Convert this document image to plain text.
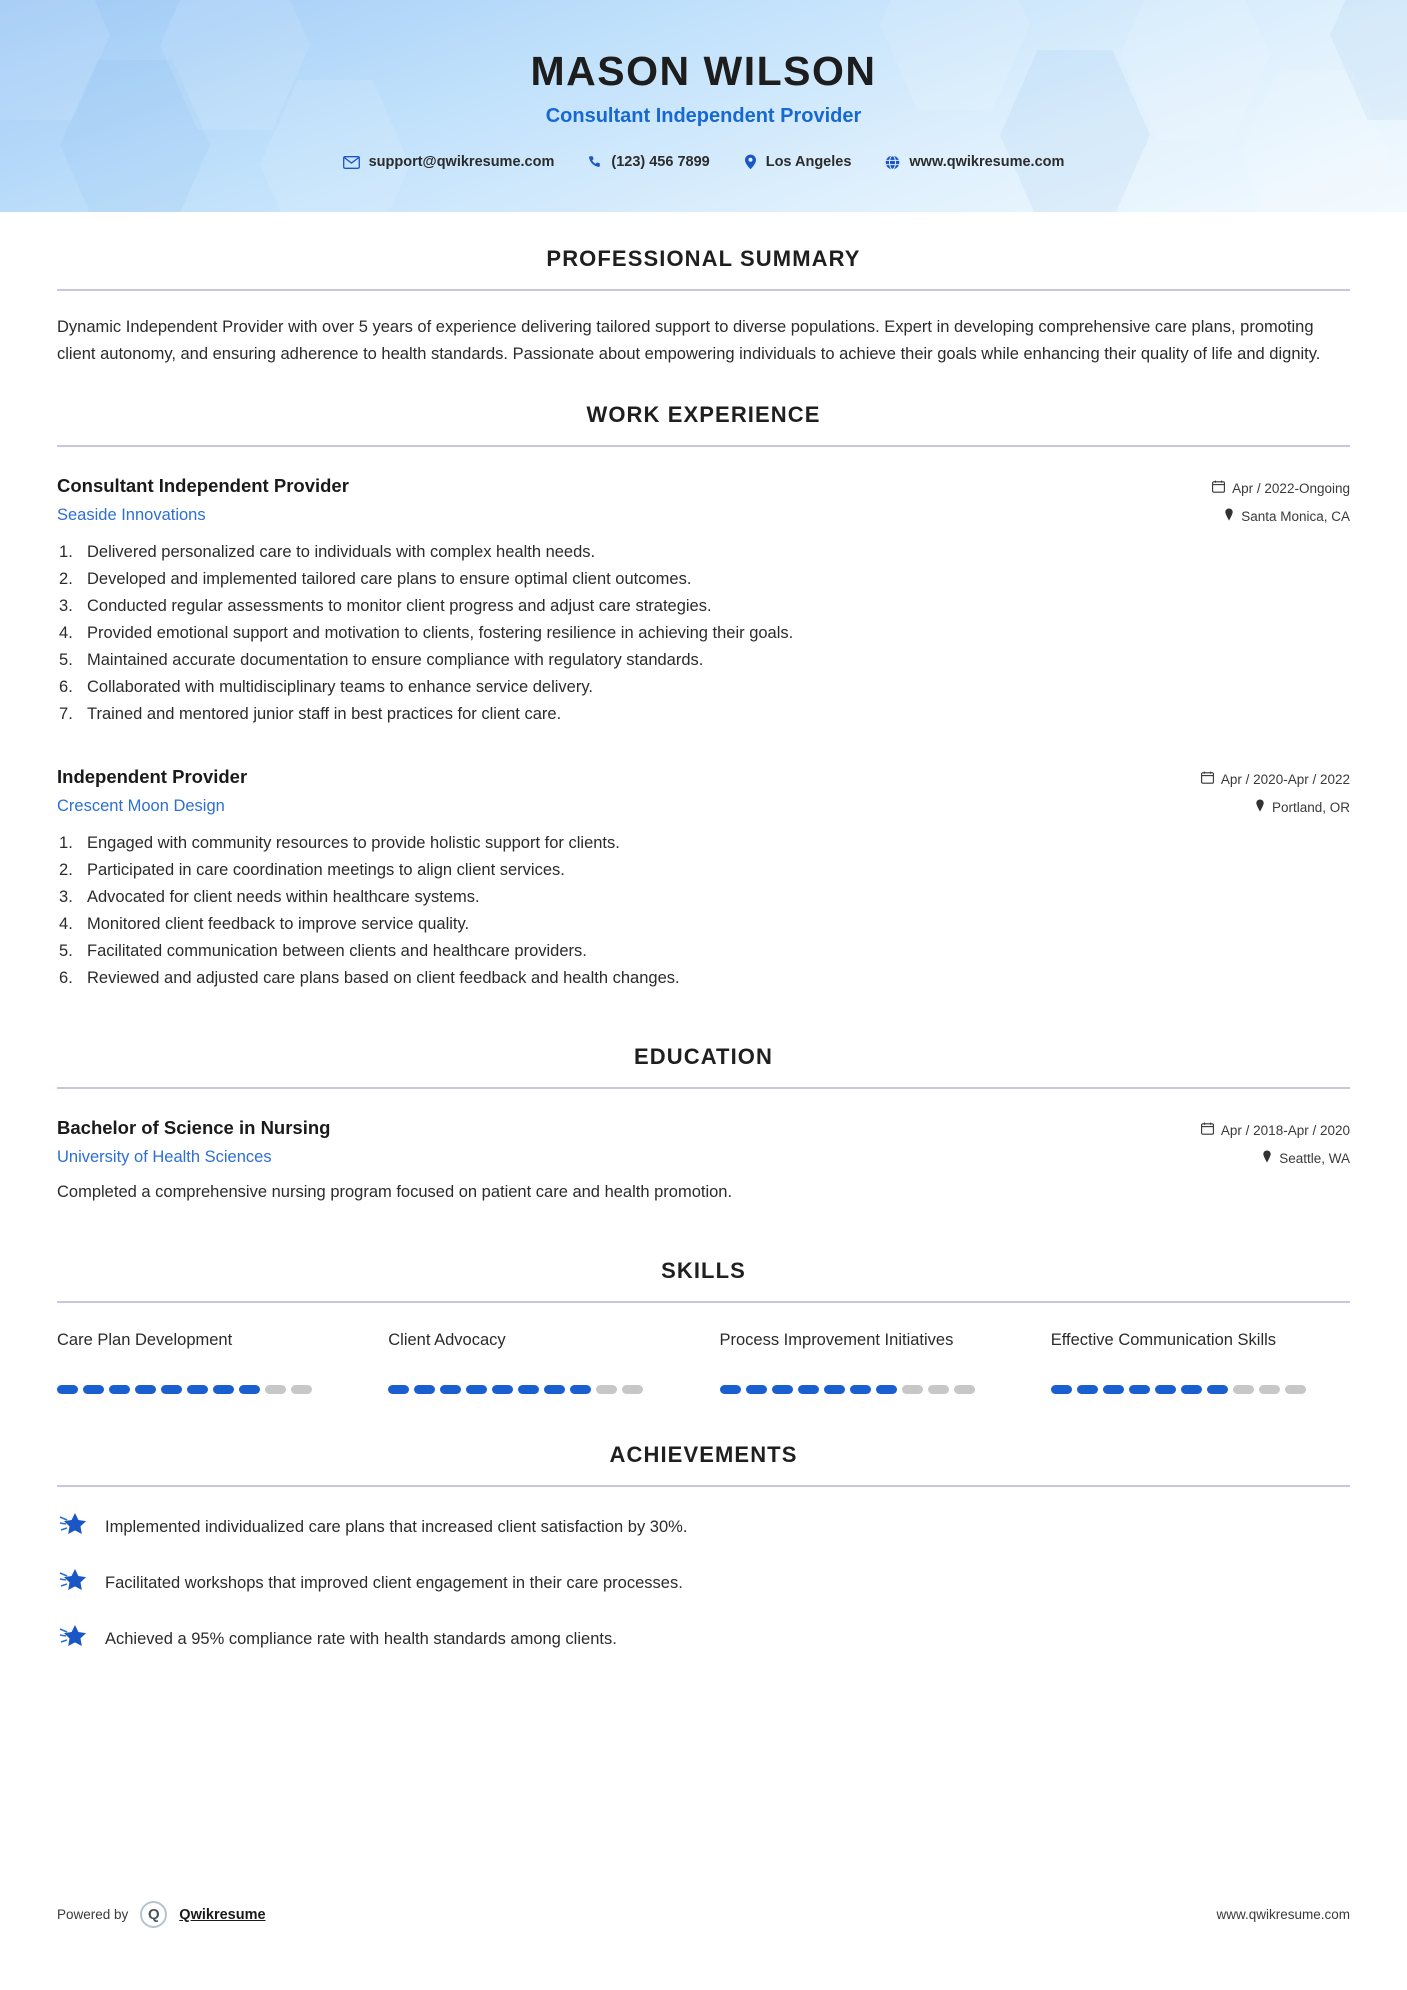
MASON WILSON
Consultant Independent Provider
support@qwikresume.com	(123) 456 7899	Los Angeles	www.qwikresume.com
PROFESSIONAL SUMMARY
Dynamic Independent Provider with over 5 years of experience delivering tailored support to diverse populations. Expert in developing comprehensive care plans, promoting client autonomy, and ensuring adherence to health standards. Passionate about empowering individuals to achieve their goals while enhancing their quality of life and dignity.
WORK EXPERIENCE
Consultant Independent Provider
Seaside Innovations
Apr / 2022-Ongoing
Santa Monica, CA
Delivered personalized care to individuals with complex health needs.
Developed and implemented tailored care plans to ensure optimal client outcomes.
Conducted regular assessments to monitor client progress and adjust care strategies.
Provided emotional support and motivation to clients, fostering resilience in achieving their goals.
Maintained accurate documentation to ensure compliance with regulatory standards.
Collaborated with multidisciplinary teams to enhance service delivery.
Trained and mentored junior staff in best practices for client care.
Independent Provider
Crescent Moon Design
Apr / 2020-Apr / 2022
Portland, OR
Engaged with community resources to provide holistic support for clients.
Participated in care coordination meetings to align client services.
Advocated for client needs within healthcare systems.
Monitored client feedback to improve service quality.
Facilitated communication between clients and healthcare providers.
Reviewed and adjusted care plans based on client feedback and health changes.
EDUCATION
Bachelor of Science in Nursing
University of Health Sciences
Apr / 2018-Apr / 2020
Seattle, WA
Completed a comprehensive nursing program focused on patient care and health promotion.
SKILLS
Care Plan Development	Client Advocacy	Process Improvement Initiatives	Effective Communication Skills
ACHIEVEMENTS
Implemented individualized care plans that increased client satisfaction by 30%.
Facilitated workshops that improved client engagement in their care processes.
Achieved a 95% compliance rate with health standards among clients.
Powered by	Q	Qwikresume	www.qwikresume.com
